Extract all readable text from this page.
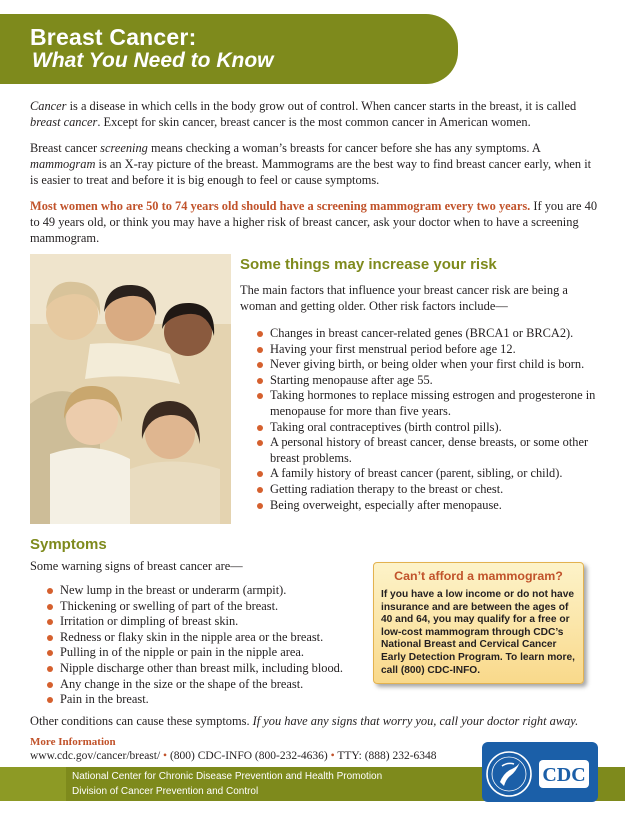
Breast Cancer:
What You Need to Know
Cancer is a disease in which cells in the body grow out of control. When cancer starts in the breast, it is called breast cancer. Except for skin cancer, breast cancer is the most common cancer in American women.
Breast cancer screening means checking a woman’s breasts for cancer before she has any symptoms. A mammogram is an X-ray picture of the breast. Mammograms are the best way to find breast cancer early, when it is easier to treat and before it is big enough to feel or cause symptoms.
Most women who are 50 to 74 years old should have a screening mammogram every two years. If you are 40 to 49 years old, or think you may have a higher risk of breast cancer, ask your doctor when to have a screening mammogram.
Some things may increase your risk
The main factors that influence your breast cancer risk are being a woman and getting older. Other risk factors include—
Changes in breast cancer-related genes (BRCA1 or BRCA2).
Having your first menstrual period before age 12.
Never giving birth, or being older when your first child is born.
Starting menopause after age 55.
Taking hormones to replace missing estrogen and progesterone in menopause for more than five years.
Taking oral contraceptives (birth control pills).
A personal history of breast cancer, dense breasts, or some other breast problems.
A family history of breast cancer (parent, sibling, or child).
Getting radiation therapy to the breast or chest.
Being overweight, especially after menopause.
Symptoms
Some warning signs of breast cancer are—
New lump in the breast or underarm (armpit).
Thickening or swelling of part of the breast.
Irritation or dimpling of breast skin.
Redness or flaky skin in the nipple area or the breast.
Pulling in of the nipple or pain in the nipple area.
Nipple discharge other than breast milk, including blood.
Any change in the size or the shape of the breast.
Pain in the breast.
Can’t afford a mammogram?
If you have a low income or do not have insurance and are between the ages of 40 and 64, you may qualify for a free or low-cost mammogram through CDC’s National Breast and Cervical Cancer Early Detection Program. To learn more, call (800) CDC-INFO.
Other conditions can cause these symptoms. If you have any signs that worry you, call your doctor right away.
More Information
www.cdc.gov/cancer/breast/ • (800) CDC-INFO (800-232-4636) • TTY: (888) 232-6348
National Center for Chronic Disease Prevention and Health Promotion
Division of Cancer Prevention and Control
CDC
